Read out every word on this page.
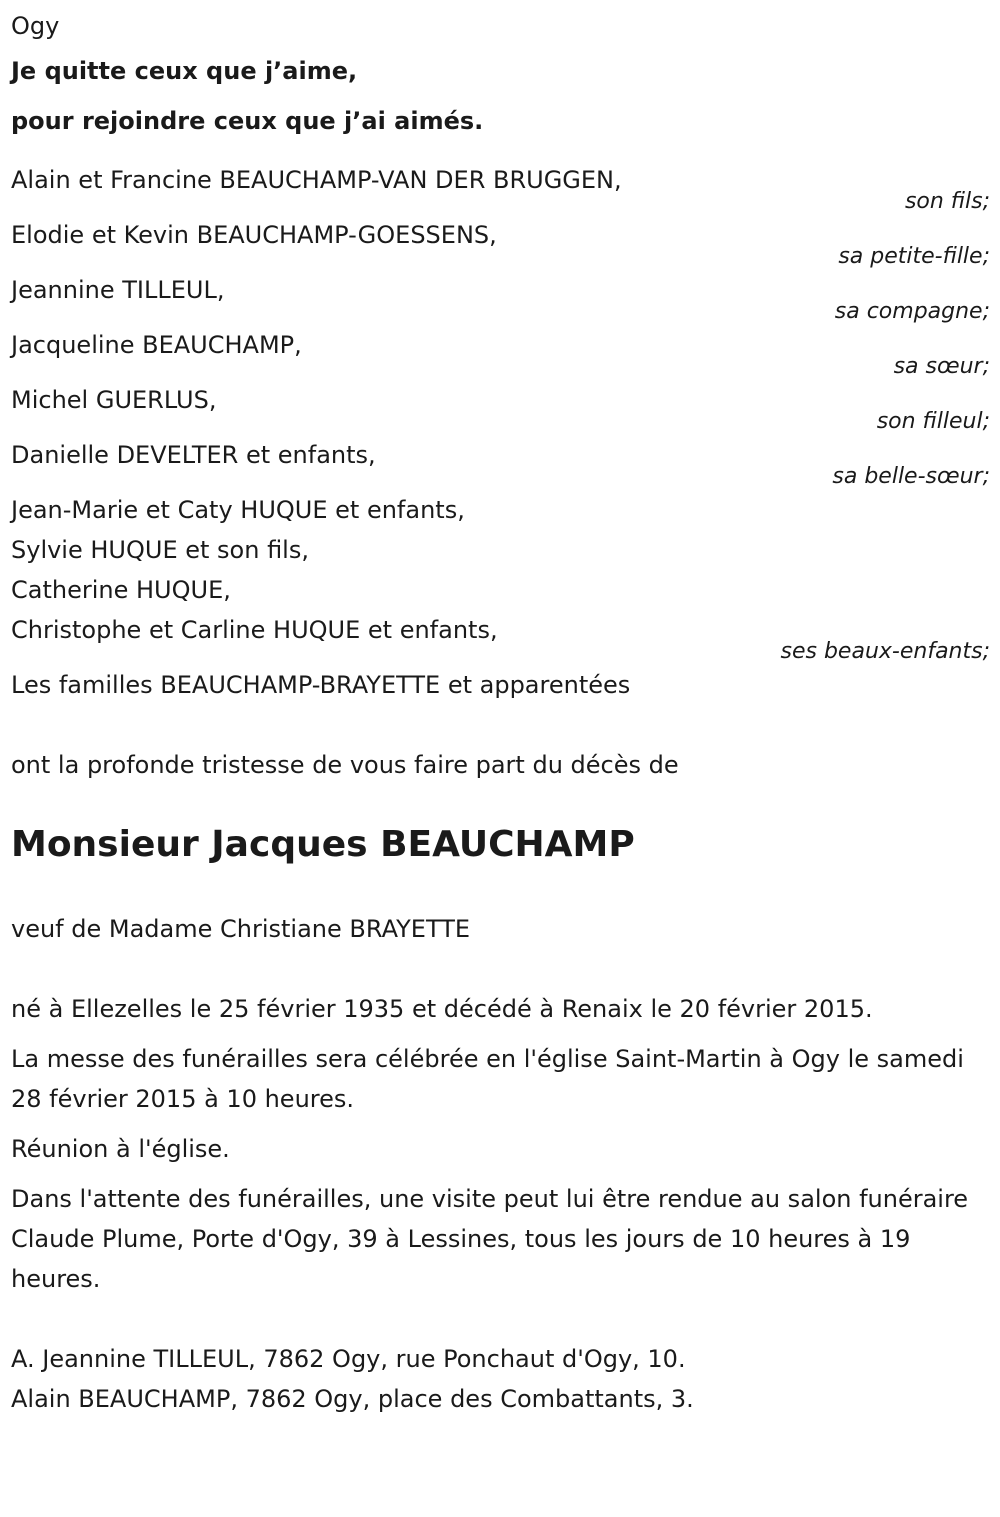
Ogy
Je quitte ceux que j’aime,
pour rejoindre ceux que j’ai aimés.
Alain et Francine BEAUCHAMP-VAN DER BRUGGEN,
son fils;
Elodie et Kevin BEAUCHAMP-GOESSENS,
sa petite-fille;
Jeannine TILLEUL,
sa compagne;
Jacqueline BEAUCHAMP,
sa sœur;
Michel GUERLUS,
son filleul;
Danielle DEVELTER et enfants,
sa belle-sœur;
Jean-Marie et Caty HUQUE et enfants,
Sylvie HUQUE et son fils,
Catherine HUQUE,
Christophe et Carline HUQUE et enfants,
ses beaux-enfants;
Les familles BEAUCHAMP-BRAYETTE et apparentées
ont la profonde tristesse de vous faire part du décès de
Monsieur Jacques BEAUCHAMP
veuf de Madame Christiane BRAYETTE
né à Ellezelles le 25 février 1935 et décédé à Renaix le 20 février 2015.
La messe des funérailles sera célébrée en l'église Saint-Martin à Ogy le samedi 28 février 2015 à 10 heures.
Réunion à l'église.
Dans l'attente des funérailles, une visite peut lui être rendue au salon funéraire Claude Plume, Porte d'Ogy, 39 à Lessines, tous les jours de 10 heures à 19 heures.
A. Jeannine TILLEUL, 7862 Ogy, rue Ponchaut d'Ogy, 10.
Alain BEAUCHAMP, 7862 Ogy, place des Combattants, 3.
